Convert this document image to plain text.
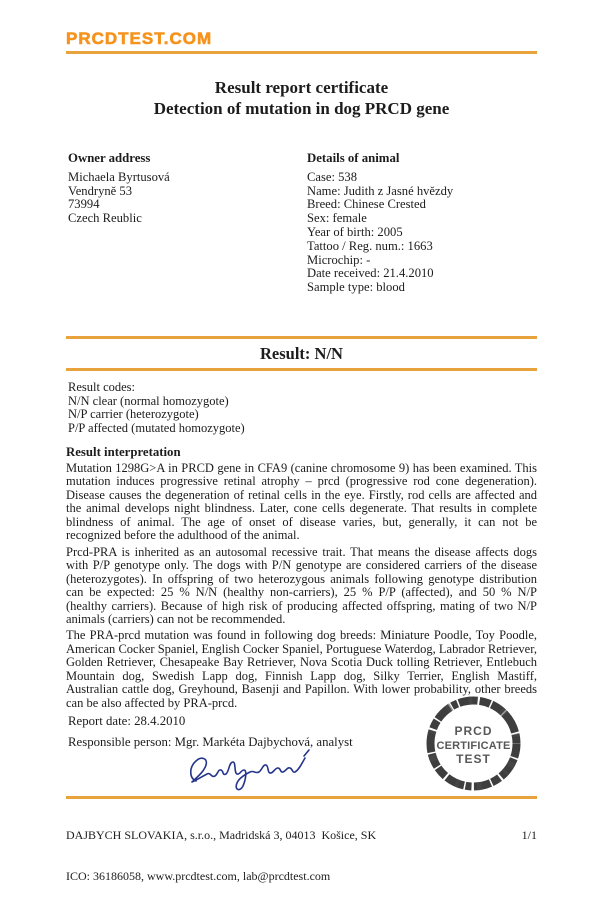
PRCDTEST.COM
Result report certificate
Detection of mutation in dog PRCD gene
Owner address
Michaela Byrtusová
Vendryně 53
73994
Czech Reublic
Details of animal
Case: 538
Name: Judith z Jasné hvězdy
Breed: Chinese Crested
Sex: female
Year of birth: 2005
Tattoo / Reg. num.: 1663
Microchip: -
Date received: 21.4.2010
Sample type: blood
Result: N/N
Result codes:
N/N clear (normal homozygote)
N/P carrier (heterozygote)
P/P affected (mutated homozygote)
Result interpretation

Mutation 1298G>A in PRCD gene in CFA9 (canine chromosome 9) has been examined. This mutation induces progressive retinal atrophy – prcd (progressive rod cone degeneration). Disease causes the degeneration of retinal cells in the eye. Firstly, rod cells are affected and the animal develops night blindness. Later, cone cells degenerate. That results in complete blindness of animal. The age of onset of disease varies, but, generally, it can not be recognized before the adulthood of the animal.

Prcd-PRA is inherited as an autosomal recessive trait. That means the disease affects dogs with P/P genotype only. The dogs with P/N genotype are considered carriers of the disease (heterozygotes). In offspring of two heterozygous animals following genotype distribution can be expected: 25 % N/N (healthy non-carriers), 25 % P/P (affected), and 50 % N/P (healthy carriers). Because of high risk of producing affected offspring, mating of two N/P animals (carriers) can not be recommended.

The PRA-prcd mutation was found in following dog breeds: Miniature Poodle, Toy Poodle, American Cocker Spaniel, English Cocker Spaniel, Portuguese Waterdog, Labrador Retriever, Golden Retriever, Chesapeake Bay Retriever, Nova Scotia Duck tolling Retriever, Entlebuch Mountain dog, Swedish Lapp dog, Finnish Lapp dog, Silky Terrier, English Mastiff, Australian cattle dog, Greyhound, Basenji and Papillon. With lower probability, other breeds can be also affected by PRA-prcd.

Report date: 28.4.2010
Responsible person: Mgr. Markéta Dajbychová, analyst
PRCD
CERTIFICATE
TEST

DAJBYCH SLOVAKIA, s.r.o., Madridská 3, 04013  Košice, SK	1/1

ICO: 36186058, www.prcdtest.com, lab@prcdtest.com
